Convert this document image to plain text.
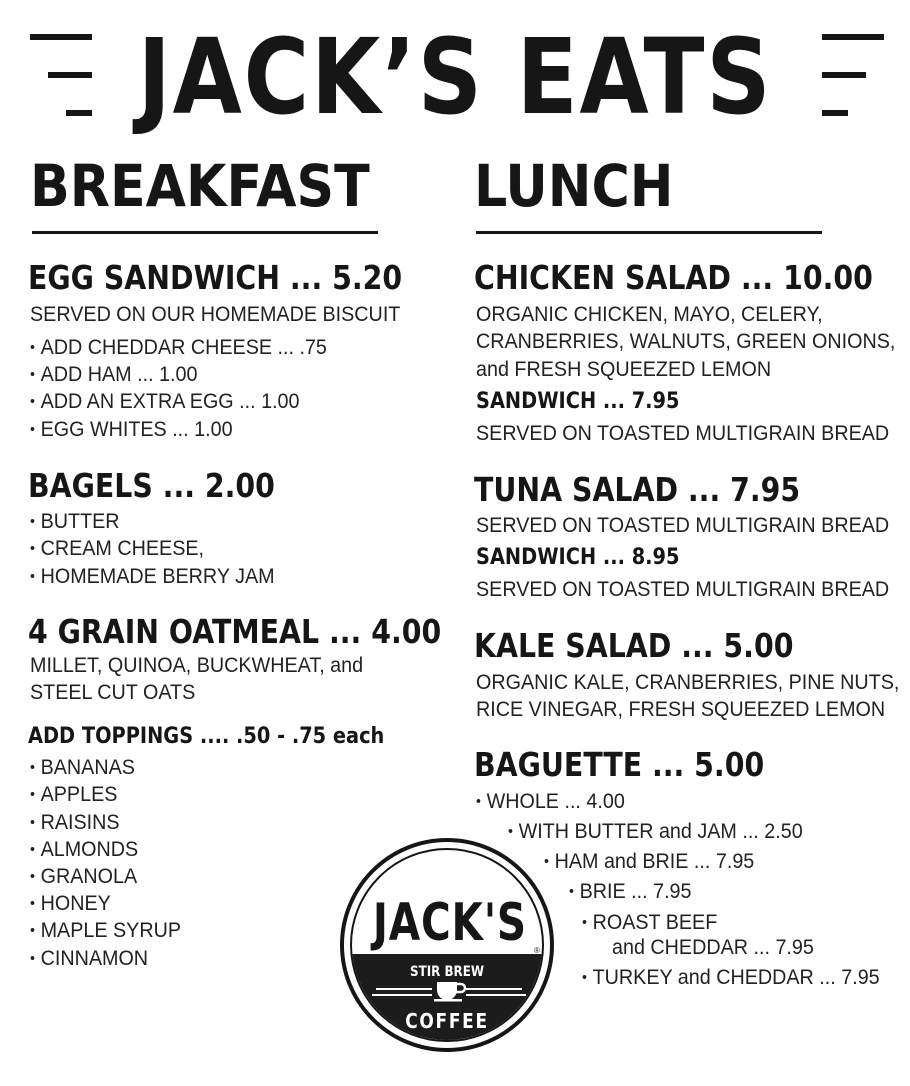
JACK’S EATS
BREAKFAST
EGG SANDWICH ... 5.20
SERVED ON OUR HOMEMADE BISCUIT
• ADD CHEDDAR CHEESE ... .75
• ADD HAM ... 1.00
• ADD AN EXTRA EGG ... 1.00
• EGG WHITES ... 1.00
BAGELS ... 2.00
• BUTTER
• CREAM CHEESE,
• HOMEMADE BERRY JAM
4 GRAIN OATMEAL ... 4.00
MILLET, QUINOA, BUCKWHEAT, and
STEEL CUT OATS
ADD TOPPINGS .... .50 - .75 each
• BANANAS
• APPLES
• RAISINS
• ALMONDS
• GRANOLA
• HONEY
• MAPLE SYRUP
• CINNAMON
LUNCH
CHICKEN SALAD ... 10.00
ORGANIC CHICKEN, MAYO, CELERY,
CRANBERRIES, WALNUTS, GREEN ONIONS,
and FRESH SQUEEZED LEMON
SANDWICH ... 7.95
SERVED ON TOASTED MULTIGRAIN BREAD
TUNA SALAD ... 7.95
SERVED ON TOASTED MULTIGRAIN BREAD
SANDWICH ... 8.95
SERVED ON TOASTED MULTIGRAIN BREAD
KALE SALAD ... 5.00
ORGANIC KALE, CRANBERRIES, PINE NUTS,
RICE VINEGAR, FRESH SQUEEZED LEMON
BAGUETTE ... 5.00
• WHOLE ... 4.00
• WITH BUTTER and JAM ... 2.50
• HAM and BRIE ... 7.95
• BRIE ... 7.95
• ROAST BEEF
and CHEDDAR ... 7.95
• TURKEY and CHEDDAR ... 7.95
JACK'S ®
STIR BREW
COFFEE
